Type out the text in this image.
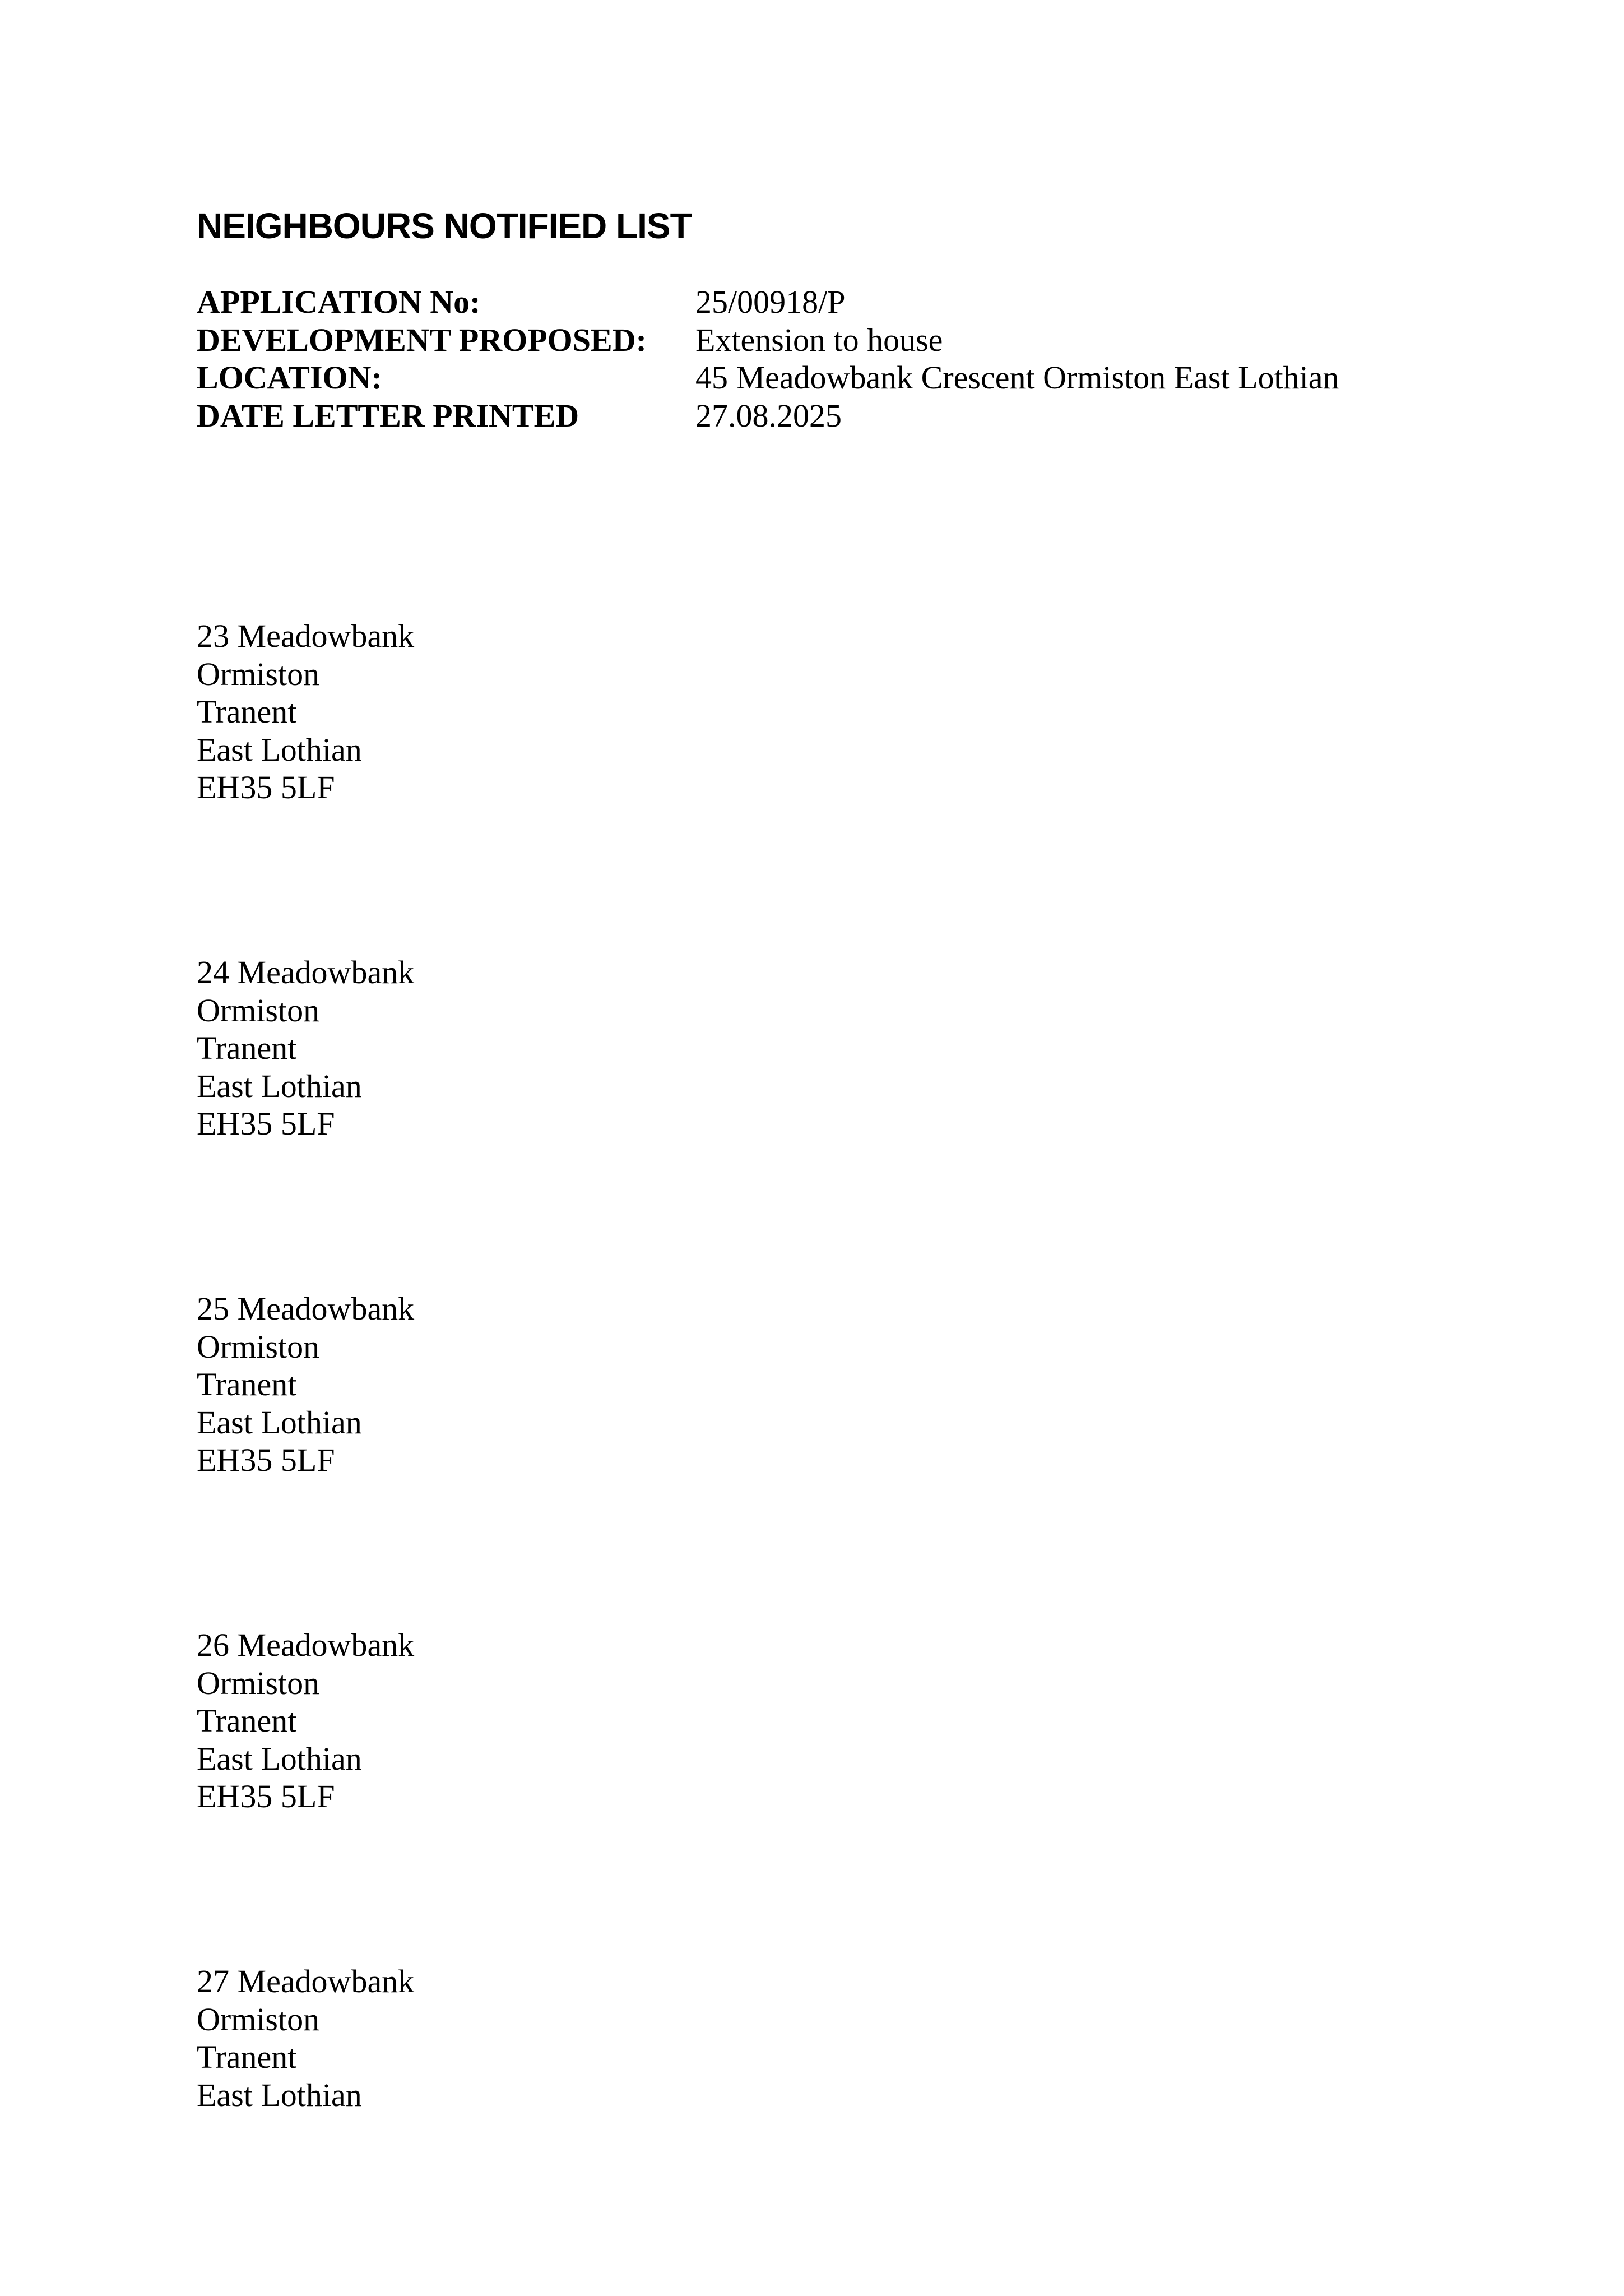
NEIGHBOURS NOTIFIED LIST
APPLICATION No:	25/00918/P
DEVELOPMENT PROPOSED:	Extension to house
LOCATION:	45 Meadowbank Crescent Ormiston East Lothian
DATE LETTER PRINTED	27.08.2025
23 Meadowbank
Ormiston
Tranent
East Lothian
EH35 5LF
24 Meadowbank
Ormiston
Tranent
East Lothian
EH35 5LF
25 Meadowbank
Ormiston
Tranent
East Lothian
EH35 5LF
26 Meadowbank
Ormiston
Tranent
East Lothian
EH35 5LF
27 Meadowbank
Ormiston
Tranent
East Lothian
